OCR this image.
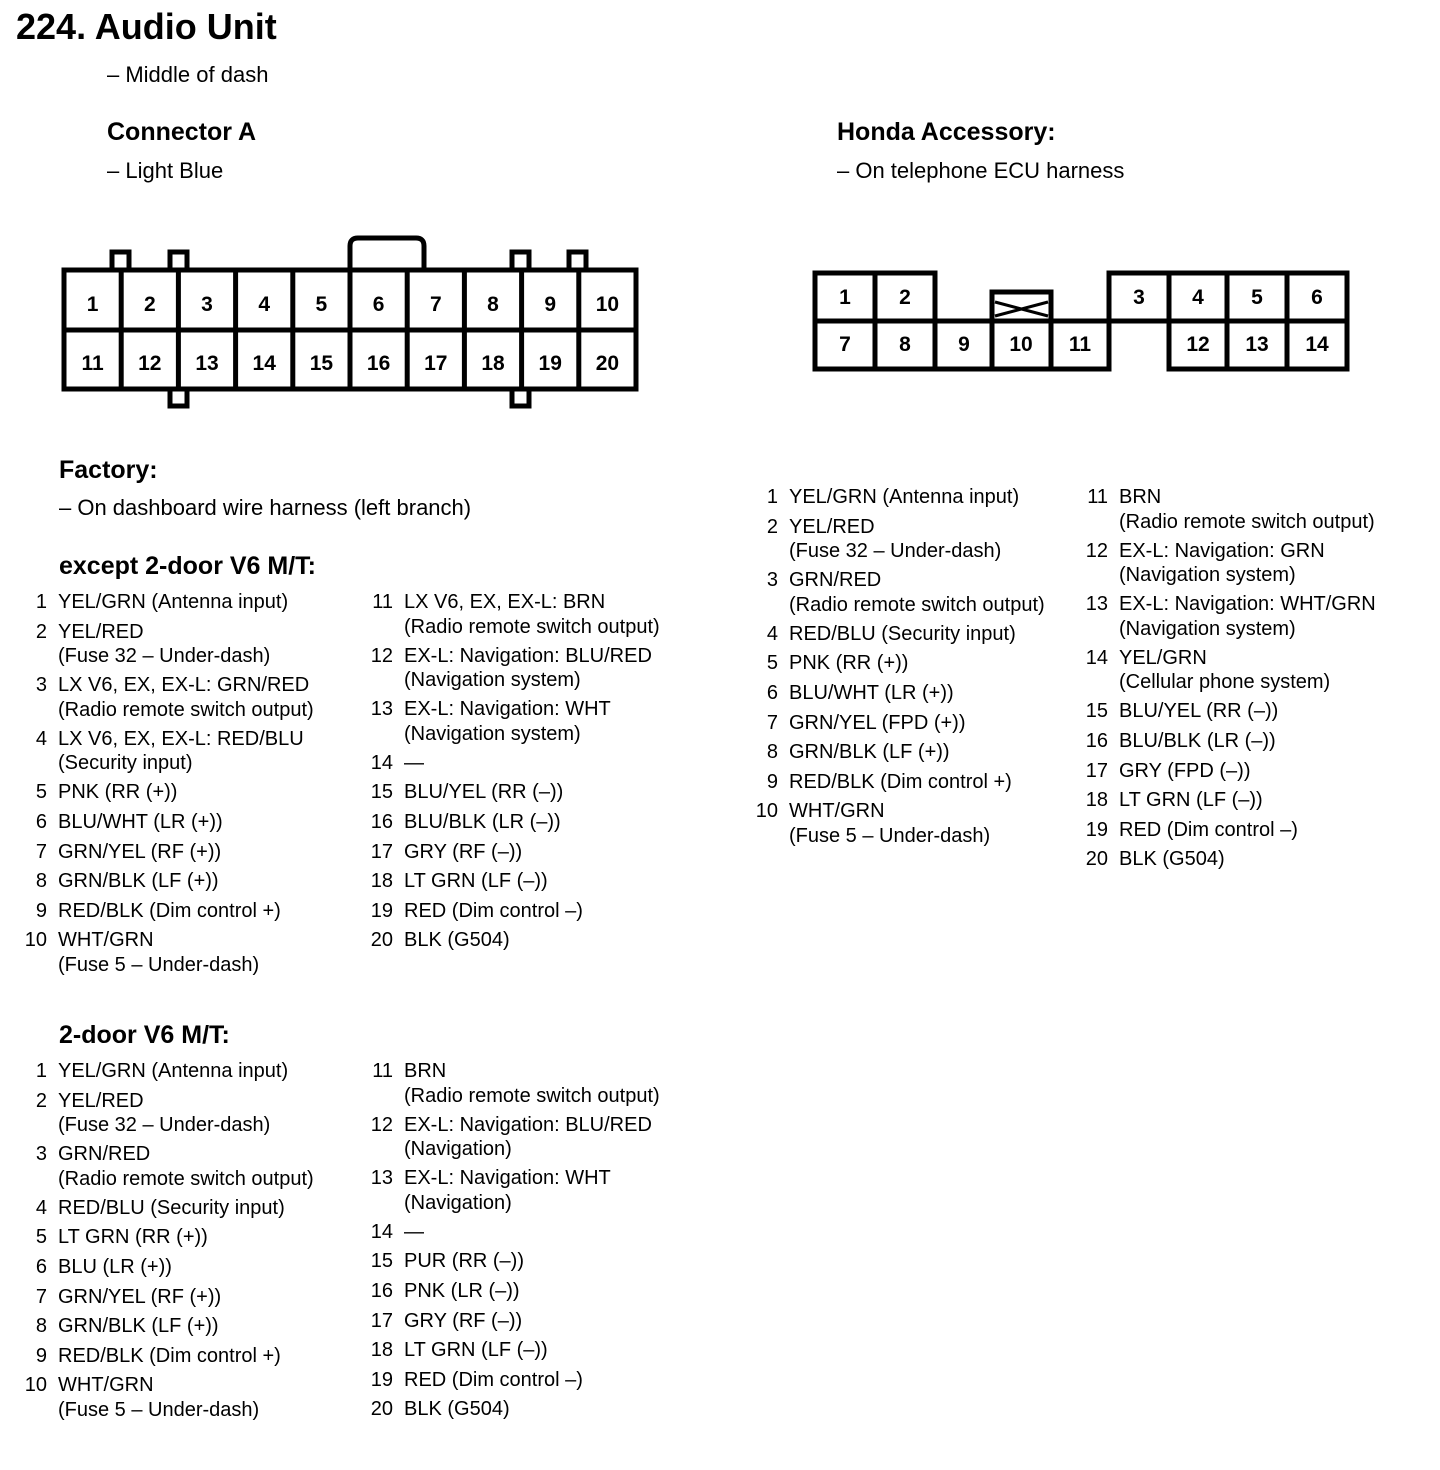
224. Audio Unit
– Middle of dash
Connector A
– Light Blue
Honda Accessory:
– On telephone ECU harness
1 2 3 4 5 6 7 8 9 10
11 12 13 14 15 16 17 18 19 20
1 2	3 4 5 6
7 8 9 10 11	12 13 14
Factory:
– On dashboard wire harness (left branch)
except 2-door V6 M/T:
1 YEL/GRN (Antenna input)
2 YEL/RED
(Fuse 32 – Under-dash)
3 LX V6, EX, EX-L: GRN/RED
(Radio remote switch output)
4 LX V6, EX, EX-L: RED/BLU
(Security input)
5 PNK (RR (+))
6 BLU/WHT (LR (+))
7 GRN/YEL (RF (+))
8 GRN/BLK (LF (+))
9 RED/BLK (Dim control +)
10 WHT/GRN
(Fuse 5 – Under-dash)
11 LX V6, EX, EX-L: BRN
(Radio remote switch output)
12 EX-L: Navigation: BLU/RED
(Navigation system)
13 EX-L: Navigation: WHT
(Navigation system)
14 —
15 BLU/YEL (RR (–))
16 BLU/BLK (LR (–))
17 GRY (RF (–))
18 LT GRN (LF (–))
19 RED (Dim control –)
20 BLK (G504)
2-door V6 M/T:
1 YEL/GRN (Antenna input)
2 YEL/RED
(Fuse 32 – Under-dash)
3 GRN/RED
(Radio remote switch output)
4 RED/BLU (Security input)
5 LT GRN (RR (+))
6 BLU (LR (+))
7 GRN/YEL (RF (+))
8 GRN/BLK (LF (+))
9 RED/BLK (Dim control +)
10 WHT/GRN
(Fuse 5 – Under-dash)
11 BRN
(Radio remote switch output)
12 EX-L: Navigation: BLU/RED
(Navigation)
13 EX-L: Navigation: WHT
(Navigation)
14 —
15 PUR (RR (–))
16 PNK (LR (–))
17 GRY (RF (–))
18 LT GRN (LF (–))
19 RED (Dim control –)
20 BLK (G504)
1 YEL/GRN (Antenna input)
2 YEL/RED
(Fuse 32 – Under-dash)
3 GRN/RED
(Radio remote switch output)
4 RED/BLU (Security input)
5 PNK (RR (+))
6 BLU/WHT (LR (+))
7 GRN/YEL (FPD (+))
8 GRN/BLK (LF (+))
9 RED/BLK (Dim control +)
10 WHT/GRN
(Fuse 5 – Under-dash)
11 BRN
(Radio remote switch output)
12 EX-L: Navigation: GRN
(Navigation system)
13 EX-L: Navigation: WHT/GRN
(Navigation system)
14 YEL/GRN
(Cellular phone system)
15 BLU/YEL (RR (–))
16 BLU/BLK (LR (–))
17 GRY (FPD (–))
18 LT GRN (LF (–))
19 RED (Dim control –)
20 BLK (G504)
